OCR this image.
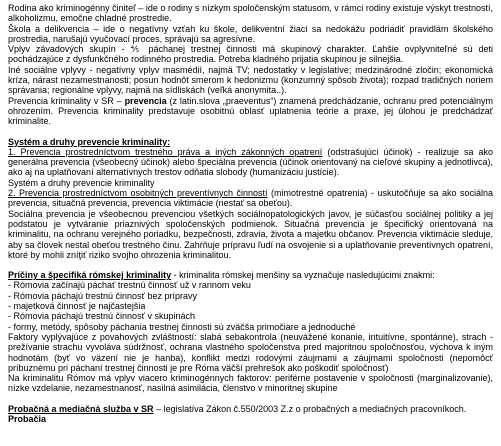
Rodina ako kriminogénny činiteľ – ide o rodiny s nízkym spoločenským statusom, v rámci rodiny existuje výskyt trestností, alkoholizmu, emočne chladné prostredie.

Škola a delikvencia – ide o negatívny vzťah ku škole, delikventní žiaci sa nedokážu podriadiť pravidlám školského prostredia, narušajú vyučovací proces, správajú sa agresívne.

Vplyv závadových skupín - ⅘ páchanej trestnej činnosti má skupinový charakter. Ľahšie ovplyvniteľné sú deti pochádzajúce z dysfunkčného rodinného prostredia. Potreba kladného prijatia skupinou je silnejšia.

Iné sociálne vplyvy - negatívny vplyv masmédií, najmä TV; nedostatky v legislatíve; medzinárodné zločin; ekonomická kríza, nárast nezamestnanosti; posun hodnôt smerom k hedonizmu (konzumný spôsob života); rozpad tradičných noriem správania; regionálne vplyvy, najmä na sídliskách (veľká anonymita..).

Prevencia kriminality v SR – prevencia (z latin.slova „praeventus“) znamená predchádzanie, ochranu pred potenciálnym ohrozením. Prevencia kriminality predstavuje osobitnú oblasť uplatnenia teórie a praxe, jej úlohou je predchádzať kriminalite.

Systém a druhy prevencie kriminality:

1. Prevencia prostredníctvom trestného práva a iných zákonných opatrení (odstrašujúci účinok) - realizuje sa ako generálna prevencia (všeobecný účinok) alebo špeciálna prevencia (účinok orientovaný na cieľové skupiny a jednotlivca), ako aj na uplatňovaní alternatívnych trestov odňatia slobody (humanizáciu justície).

Systém a druhy prevencie kriminality

2. Prevencia prostredníctvom osobitných preventívnych činností (mimotrestné opatrenia) - uskutočňuje sa ako sociálna prevencia, situačná prevencia, prevencia viktimácie (nestať sa obeťou).

Sociálna prevencia je všeobecnou prevenciou všetkých sociálnopatologických javov, je súčasťou sociálnej politiky a jej podstatou je vytváranie priaznivých spoločenských podmienok. Situačná prevencia je špecifický orientovaná na kriminalitu, na ochranu verejného poriadku, bezpečnosti, zdravia, života a majetku občanov. Prevencia viktimácie sleduje, aby sa človek nestal obeťou trestného činu. Zahŕňuje prípravu ľudí na osvojenie si a uplatňovanie preventívnych opatrení, ktoré by mohli zníţiť riziko svojho ohrozenia kriminalitou.

Príčiny a špecifiká rómskej kriminality - kriminalita rómskej menšiny sa vyznačuje nasledujúcimi znakmi:

- Rómovia začínajú páchať trestnú činnosť už v rannom veku

- Rómovia páchajú trestnú činnosť bez prípravy

- majetková činnosť je najčastejšia

- Rómovia páchajú trestnú činnosť v skupinách

- formy, metódy, spôsoby páchania trestnej činnosti sú zväčša primočiare a jednoduché

Faktory vyplývajúce z povahových zvláštností: slabá sebakontrola (neuvážené konanie, intuitívne, spontánne), strach - prežívanie strachu vyvoláva súdržnosť, ochrana vlastného spoločenstva pred majoritnou spoločnosťou, výchova k iným hodnotám (byť vo väzení nie je hanba), konflikt medzi rodovými záujmami a záujmami spoločnosti (nepomôcť príbuznému pri páchaní trestnej činnosti je pre Róma väčší prehrešok ako poškodiť spoločnosť)

Na kriminalitu Rómov má vplyv viacero kriminogénnych faktorov: periférne postavenie v spoločnosti (marginalizovanie), nízke vzdelanie, nezamestnanosť, nasilná asimilácia, členstvo v minoritnej skupine

Probačná a mediačná služba v SR – legislatíva Zákon č.550/2003 Z.z o probačných a mediačných pracovníkoch.

Probačia
